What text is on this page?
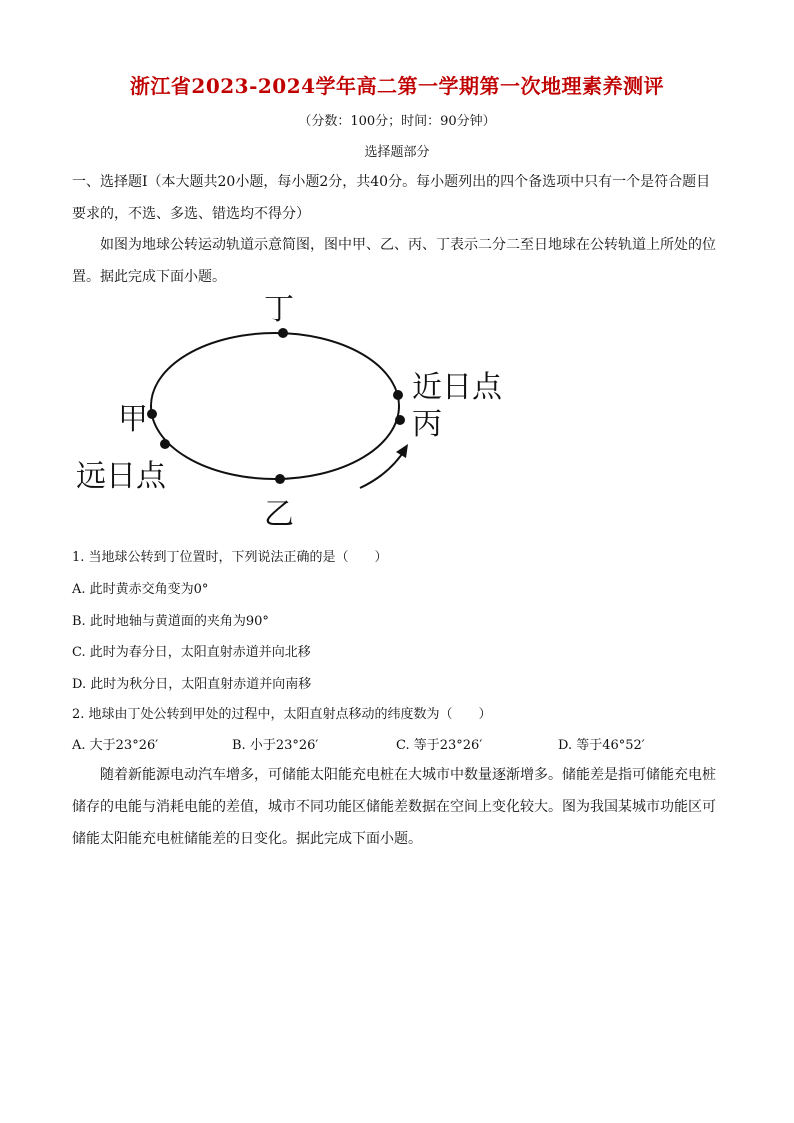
浙江省2023-2024学年高二第一学期第一次地理素养测评
（分数：100分；时间：90分钟）
选择题部分

一、选择题Ⅰ（本大题共20小题，每小题2分，共40分。每小题列出的四个备选项中只有一个是符合题目要求的，不选、多选、错选均不得分）

如图为地球公转运动轨道示意简图，图中甲、乙、丙、丁表示二分二至日地球在公转轨道上所处的位置。据此完成下面小题。

丁
甲
远日点
乙
近日点
丙
1. 当地球公转到丁位置时，下列说法正确的是（　　）
A. 此时黄赤交角变为0°
B. 此时地轴与黄道面的夹角为90°
C. 此时为春分日，太阳直射赤道并向北移
D. 此时为秋分日，太阳直射赤道并向南移
2. 地球由丁处公转到甲处的过程中，太阳直射点移动的纬度数为（　　）
A. 大于23°26′	B. 小于23°26′	C. 等于23°26′	D. 等于46°52′

随着新能源电动汽车增多，可储能太阳能充电桩在大城市中数量逐渐增多。储能差是指可储能充电桩储存的电能与消耗电能的差值，城市不同功能区储能差数据在空间上变化较大。图为我国某城市功能区可储能太阳能充电桩储能差的日变化。据此完成下面小题。
